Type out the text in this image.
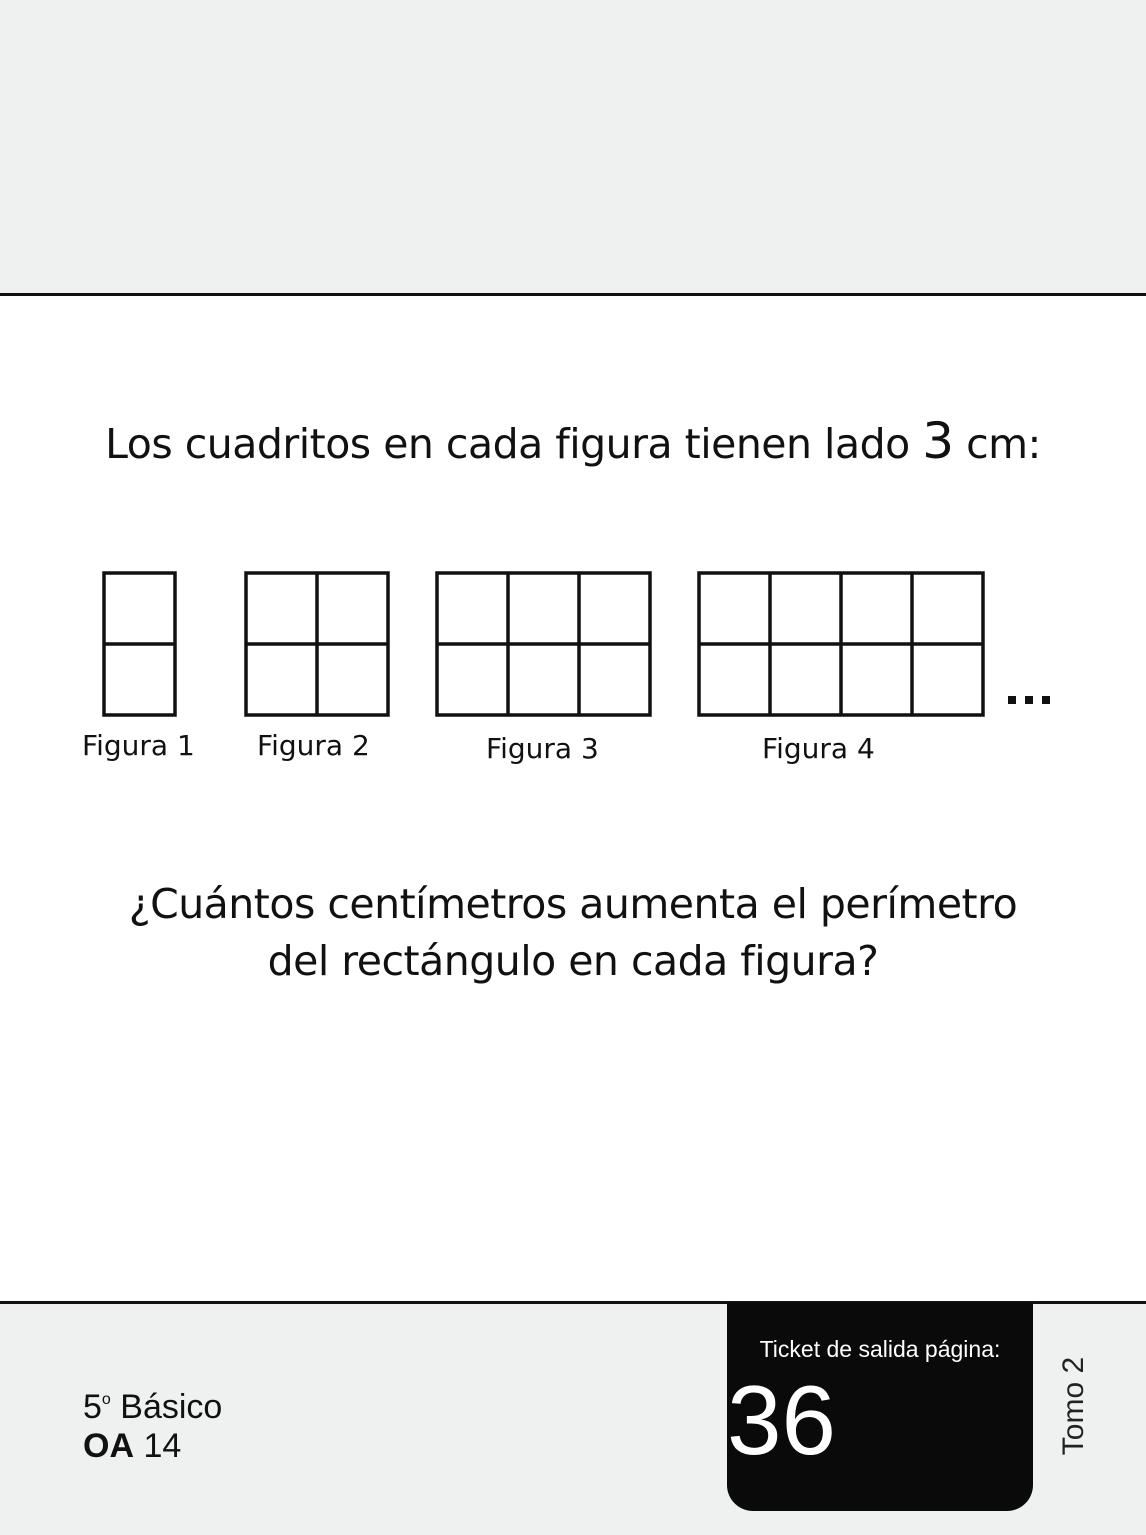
Los cuadritos en cada figura tienen lado 3 cm:
Figura 1 Figura 2	Figura 3	Figura 4
¿Cuántos centímetros aumenta el perímetro
del rectángulo en cada figura?
5$^o$ Básico
OA 14
Ticket de salida página:
36	Tomo 2
